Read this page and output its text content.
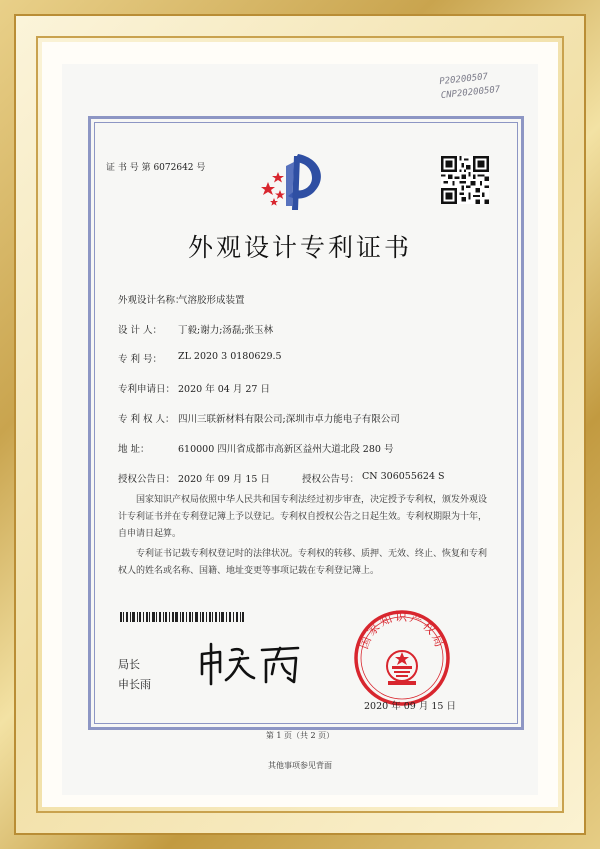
P20200507
CNP20200507
证 书 号 第 6072642 号
外观设计专利证书
外观设计名称：
气溶胶形成装置
设 计 人： 丁毅;谢力;汤磊;张玉林
专 利 号： ZL 2020 3 0180629.5
专利申请日： 2020 年 04 月 27 日
专 利 权 人： 四川三联新材料有限公司;深圳市卓力能电子有限公司
地 址：	610000 四川省成都市高新区益州大道北段 280 号
授权公告日： 2020 年 09 月 15 日	授权公告号： CN 306055624 S
国家知识产权局依照中华人民共和国专利法经过初步审查，决定授予专利权，颁发外观设计专利证书并在专利登记簿上予以登记。专利权自授权公告之日起生效。专利权期限为十年，自申请日起算。
专利证书记载专利权登记时的法律状况。专利权的转移、质押、无效、终止、恢复和专利权人的姓名或名称、国籍、地址变更等事项记载在专利登记簿上。
局长
申长雨
国家知识产权局
2020 年 09 月 15 日
第 1 页（共 2 页）
其他事项参见背面
